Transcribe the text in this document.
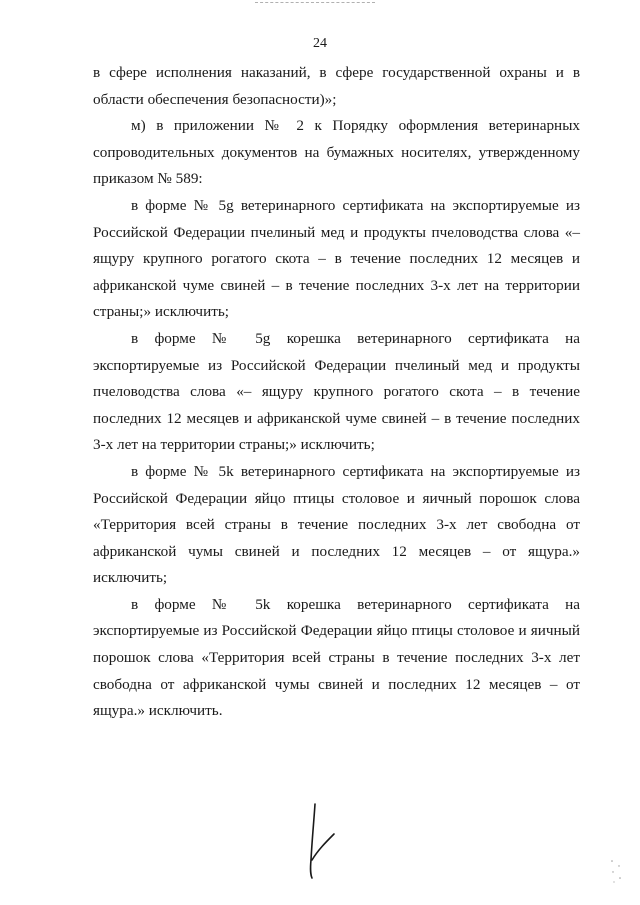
24

в сфере исполнения наказаний, в сфере государственной охраны и в области обеспечения безопасности)»;

м) в приложении № 2 к Порядку оформления ветеринарных сопроводительных документов на бумажных носителях, утвержденному приказом № 589:

в форме № 5g ветеринарного сертификата на экспортируемые из Российской Федерации пчелиный мед и продукты пчеловодства слова «– ящуру крупного рогатого скота – в течение последних 12 месяцев и африканской чуме свиней – в течение последних 3-х лет на территории страны;» исключить;

в форме № 5g корешка ветеринарного сертификата на экспортируемые из Российской Федерации пчелиный мед и продукты пчеловодства слова «– ящуру крупного рогатого скота – в течение последних 12 месяцев и африканской чуме свиней – в течение последних 3-х лет на территории страны;» исключить;

в форме № 5k ветеринарного сертификата на экспортируемые из Российской Федерации яйцо птицы столовое и яичный порошок слова «Территория всей страны в течение последних 3-х лет свободна от африканской чумы свиней и последних 12 месяцев – от ящура.» исключить;

в форме № 5k корешка ветеринарного сертификата на экспортируемые из Российской Федерации яйцо птицы столовое и яичный порошок слова «Территория всей страны в течение последних 3-х лет свободна от африканской чумы свиней и последних 12 месяцев – от ящура.» исключить.
